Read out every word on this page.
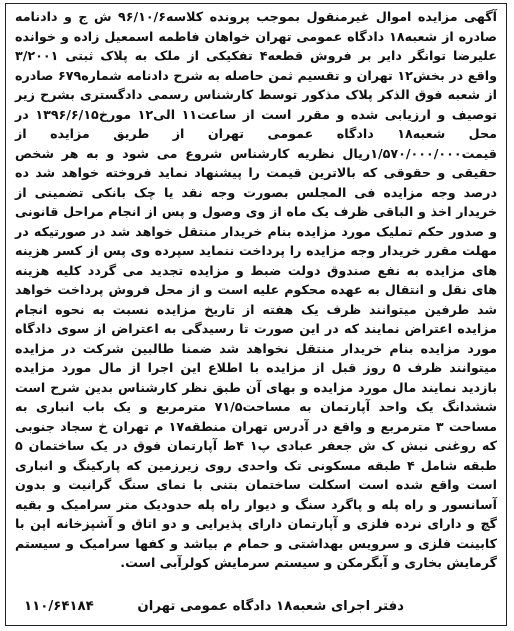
آگهی مزایده اموال غیرمنقول بموجب پرونده کلاسه۹۶/۱۰/۶ ش ج و دادنامه صادره از شعبه۱۸ دادگاه عمومی تهران خواهان فاطمه اسمعیل زاده و خوانده علیرضا توانگر دایر بر فروش قطعه۴ تفکیکی از ملک به پلاک ثبتی ۳/۲۰۰۱ واقع در بخش۱۲ تهران و تقسیم ثمن حاصله به شرح دادنامه شماره۶۷۹ صادره از شعبه فوق الذکر پلاک مذکور توسط کارشناس رسمی دادگستری بشرح زیر توصیف و ارزیابی شده و مقرر است از ساعت۱۱ الی۱۲ مورخ۱۳۹۶/۶/۱۵ در محل شعبه۱۸ دادگاه عمومی تهران از طریق مزایده از قیمت۱/۵۷۰/۰۰۰/۰۰۰ریال نظریه کارشناس شروع می شود و به هر شخص حقیقی و حقوقی که بالاترین قیمت را پیشنهاد نماید فروخته خواهد شد ده درصد وجه مزایده فی المجلس بصورت وجه نقد یا چک بانکی تضمینی از خریدار اخذ و الباقی ظرف یک ماه از وی وصول و پس از انجام مراحل قانونی و صدور حکم تملیک مورد مزایده بنام خریدار منتقل خواهد شد در صورتیکه در مهلت مقرر خریدار وجه مزایده را پرداخت ننماید سپرده وی پس از کسر هزینه های مزایده به نفع صندوق دولت ضبط و مزایده تجدید می گردد کلیه هزینه های نقل و انتقال به عهده محکوم علیه است و از محل فروش پرداخت خواهد شد طرفین میتوانند ظرف یک هفته از تاریخ مزایده نسبت به نحوه انجام مزایده اعتراض نمایند که در این صورت تا رسیدگی به اعتراض از سوی دادگاه مورد مزایده بنام خریدار منتقل نخواهد شد ضمنا طالبین شرکت در مزایده میتوانند ظرف ۵ روز قبل از مزایده با اطلاع این اجرا از مال مورد مزایده بازدید نمایند مال مورد مزایده و بهای آن طبق نظر کارشناس بدین شرح است ششدانگ یک واحد آپارتمان به مساحت۷۱/۵ مترمربع و یک باب انباری به مساحت ۳ مترمربع و واقع در آدرس تهران منطقه۱۷ م تهران خ سجاد جنوبی که روغنی نبش ک ش جعفر عبادی پ۱ ۴ط آپارتمان فوق در یک ساختمان ۵ طبقه شامل ۴ طبقه مسکونی تک واحدی روی زیرزمین که پارکینگ و انباری است واقع شده است اسکلت ساختمان بتنی با نمای سنگ گرانیت و بدون آسانسور و راه پله و پاگرد سنگ و دیوار راه پله حدودیک متر سرامیک و بقیه گچ و دارای نرده فلزی و آپارتمان دارای پذیرایی و دو اتاق و آشپزخانه اپن با کابینت فلزی و سرویس بهداشتی و حمام م بیاشد و کفها سرامیک و سیستم گرمایش بخاری و آبگرمکن و سیستم سرمایش کولرآبی است.

دفتر اجرای شعبه۱۸ دادگاه عمومی تهران
۱۱۰/۶۴۱۸۴
